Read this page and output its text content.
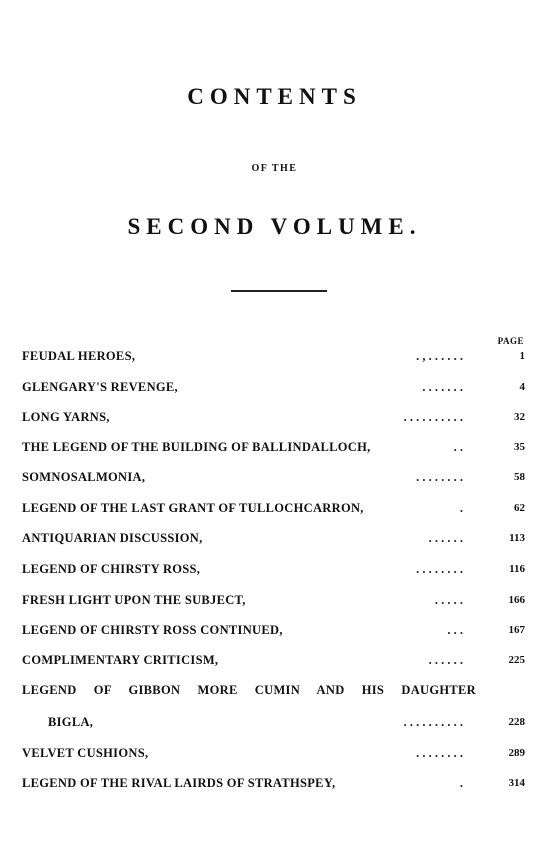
CONTENTS
OF THE
SECOND VOLUME.
PAGE
FEUDAL HEROES,	. , . . . . . .	1
GLENGARY'S REVENGE,	. . . . . . .	4
LONG YARNS,	. . . . . . . . . .	32
THE LEGEND OF THE BUILDING OF BALLINDALLOCH,	. .	35
SOMNOSALMONIA,	. . . . . . . .	58
LEGEND OF THE LAST GRANT OF TULLOCHCARRON,	.	62
ANTIQUARIAN DISCUSSION,	. . . . . .	113
LEGEND OF CHIRSTY ROSS,	. . . . . . . .	116
FRESH LIGHT UPON THE SUBJECT,	. . . . .	166
LEGEND OF CHIRSTY ROSS CONTINUED,	. . .	167
COMPLIMENTARY CRITICISM,	. . . . . .	225
LEGEND OF GIBBON MORE CUMIN AND HIS DAUGHTER
BIGLA,	. . . . . . . . . .	228
VELVET CUSHIONS,	. . . . . . . .	289
LEGEND OF THE RIVAL LAIRDS OF STRATHSPEY,	.	314
